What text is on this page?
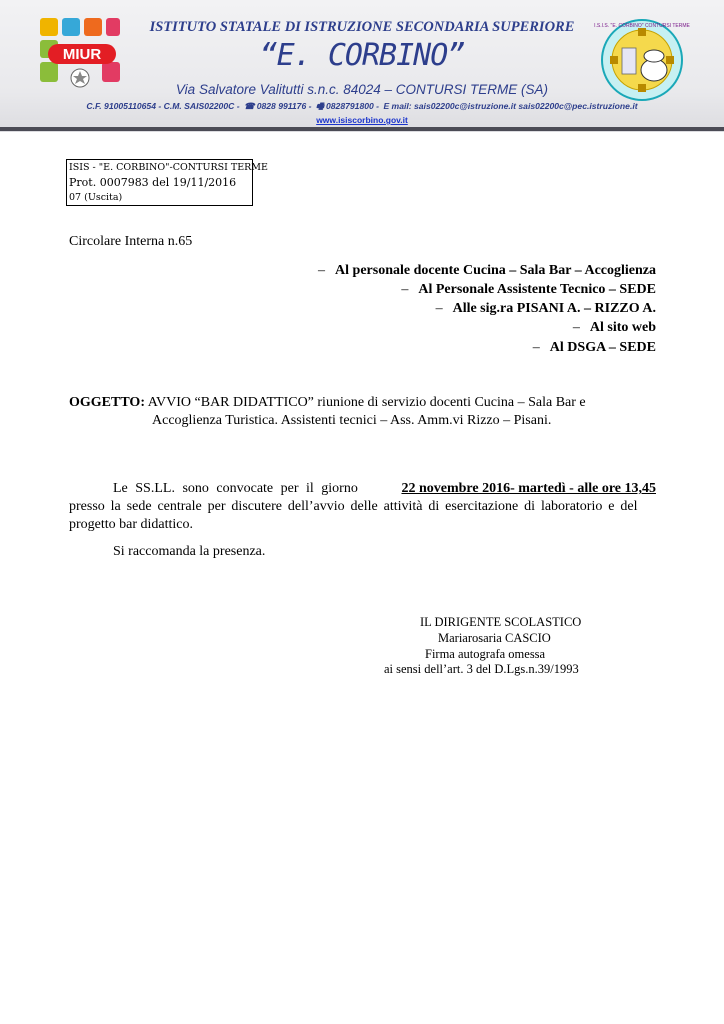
MIUR
ISTITUTO STATALE DI ISTRUZIONE SECONDARIA SUPERIORE
“E. CORBINO”
Via Salvatore Valitutti s.n.c. 84024 – CONTURSI TERME (SA)
C.F. 91005110654 - C.M. SAIS02200C - ☎ 0828 991176 - 🖷 0828791800 - E mail: sais02200c@istruzione.it sais02200c@pec.istruzione.it
www.isiscorbino.gov.it
I.S.I.S. "E. CORBINO" CONTURSI TERME
ISIS - "E. CORBINO"-CONTURSI TERME
Prot. 0007983 del 19/11/2016
07 (Uscita)
Circolare Interna n.65
– Al personale docente Cucina – Sala Bar – Accoglienza
– Al Personale Assistente Tecnico – SEDE
– Alle sig.ra PISANI A. – RIZZO A.
– Al sito web
– Al DSGA – SEDE
OGGETTO: AVVIO “BAR DIDATTICO” riunione di servizio docenti Cucina – Sala Bar e
Accoglienza Turistica. Assistenti tecnici – Ass. Amm.vi Rizzo – Pisani.
Le SS.LL. sono convocate per il giorno	22 novembre 2016- martedì - alle ore 13,45
presso la sede centrale per discutere dell’avvio delle attività di esercitazione di laboratorio e del
progetto bar didattico.
Si raccomanda la presenza.
IL DIRIGENTE SCOLASTICO
Mariarosaria CASCIO
Firma autografa omessa
ai sensi dell’art. 3 del D.Lgs.n.39/1993
